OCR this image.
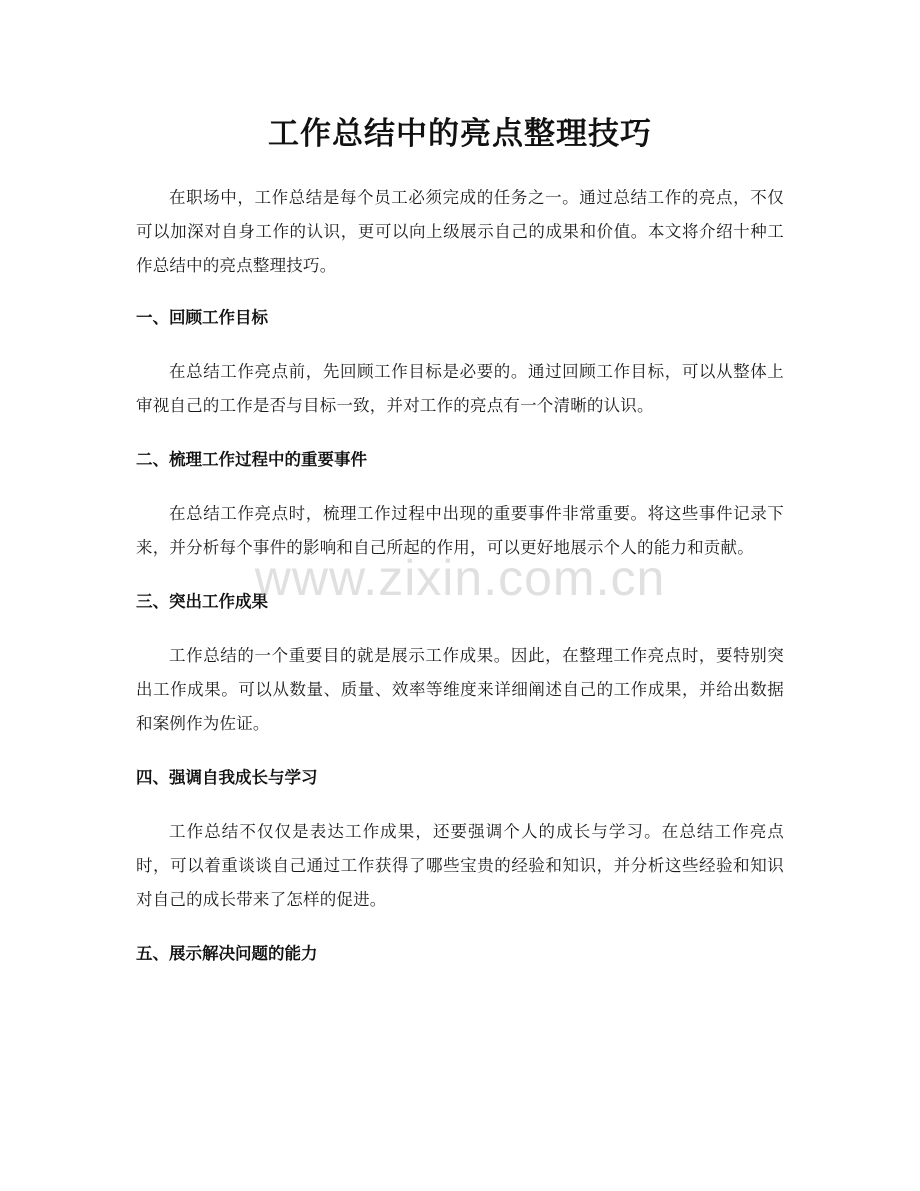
工作总结中的亮点整理技巧

在职场中，工作总结是每个员工必须完成的任务之一。通过总结工作的亮点，不仅可以加深对自身工作的认识，更可以向上级展示自己的成果和价值。本文将介绍十种工作总结中的亮点整理技巧。

一、回顾工作目标

在总结工作亮点前，先回顾工作目标是必要的。通过回顾工作目标，可以从整体上审视自己的工作是否与目标一致，并对工作的亮点有一个清晰的认识。

二、梳理工作过程中的重要事件

在总结工作亮点时，梳理工作过程中出现的重要事件非常重要。将这些事件记录下来，并分析每个事件的影响和自己所起的作用，可以更好地展示个人的能力和贡献。

三、突出工作成果

工作总结的一个重要目的就是展示工作成果。因此，在整理工作亮点时，要特别突出工作成果。可以从数量、质量、效率等维度来详细阐述自己的工作成果，并给出数据和案例作为佐证。

四、强调自我成长与学习

工作总结不仅仅是表达工作成果，还要强调个人的成长与学习。在总结工作亮点时，可以着重谈谈自己通过工作获得了哪些宝贵的经验和知识，并分析这些经验和知识对自己的成长带来了怎样的促进。

五、展示解决问题的能力
www.zixin.com.cn
